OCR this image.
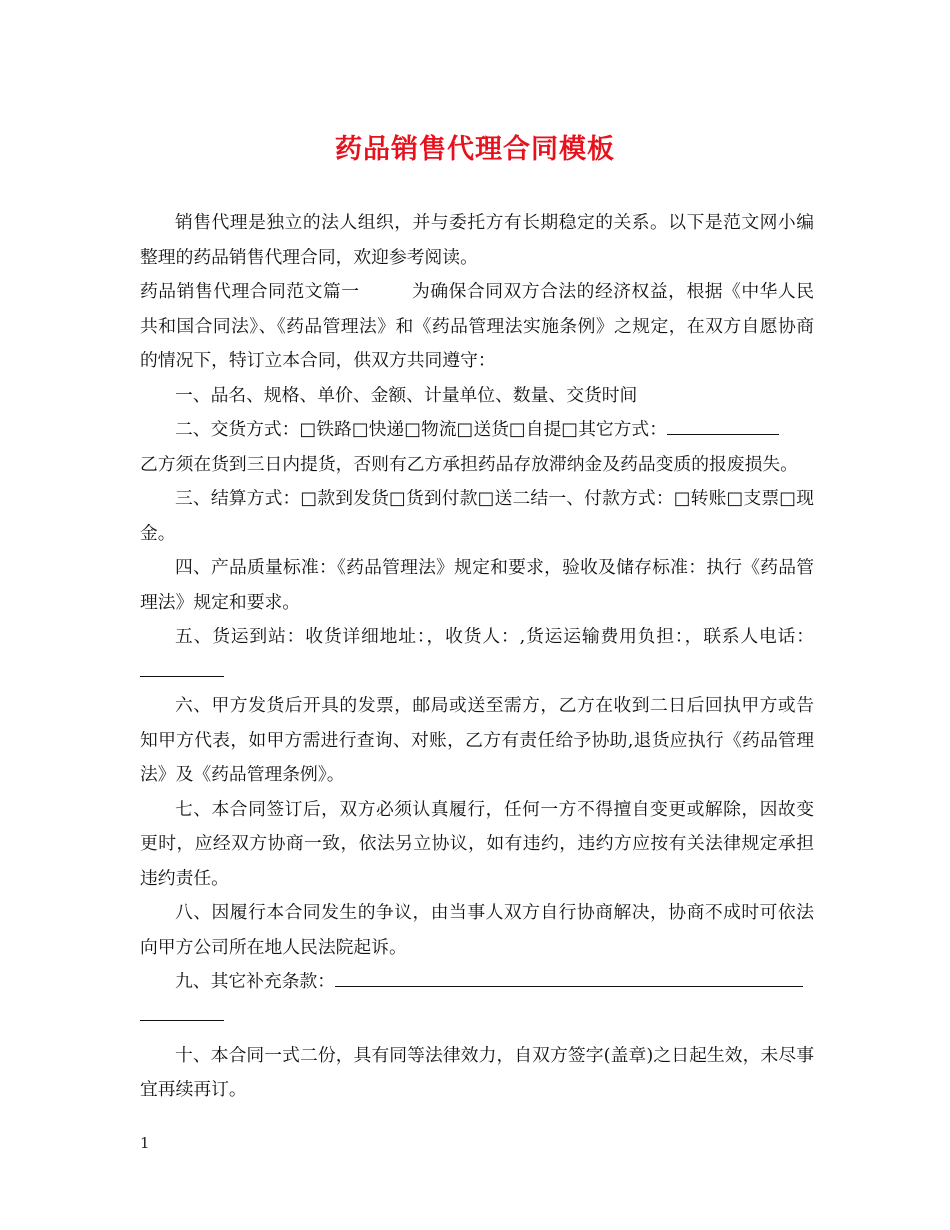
药品销售代理合同模板

销售代理是独立的法人组织，并与委托方有长期稳定的关系。以下是范文网小编整理的药品销售代理合同，欢迎参考阅读。

药品销售代理合同范文篇一	为确保合同双方合法的经济权益，根据《中华人民共和国合同法》、《药品管理法》和《药品管理法实施条例》之规定，在双方自愿协商的情况下，特订立本合同，供双方共同遵守：

一、品名、规格、单价、金额、计量单位、数量、交货时间

二、交货方式：□铁路□快递□物流□送货□自提□其它方式：

乙方须在货到三日内提货，否则有乙方承担药品存放滞纳金及药品变质的报废损失。

三、结算方式：□款到发货□货到付款□送二结一、付款方式：□转账□支票□现金。

四、产品质量标准：《药品管理法》规定和要求，验收及储存标准：执行《药品管理法》规定和要求。

五、货运到站：收货详细地址：，收货人：,货运运输费用负担：，联系人电话：

六、甲方发货后开具的发票，邮局或送至需方，乙方在收到二日后回执甲方或告知甲方代表，如甲方需进行查询、对账，乙方有责任给予协助,退货应执行《药品管理法》及《药品管理条例》。

七、本合同签订后，双方必须认真履行，任何一方不得擅自变更或解除，因故变更时，应经双方协商一致，依法另立协议，如有违约，违约方应按有关法律规定承担违约责任。

八、因履行本合同发生的争议，由当事人双方自行协商解决，协商不成时可依法向甲方公司所在地人民法院起诉。

九、其它补充条款：

十、本合同一式二份，具有同等法律效力，自双方签字(盖章)之日起生效，未尽事宜再续再订。

1
